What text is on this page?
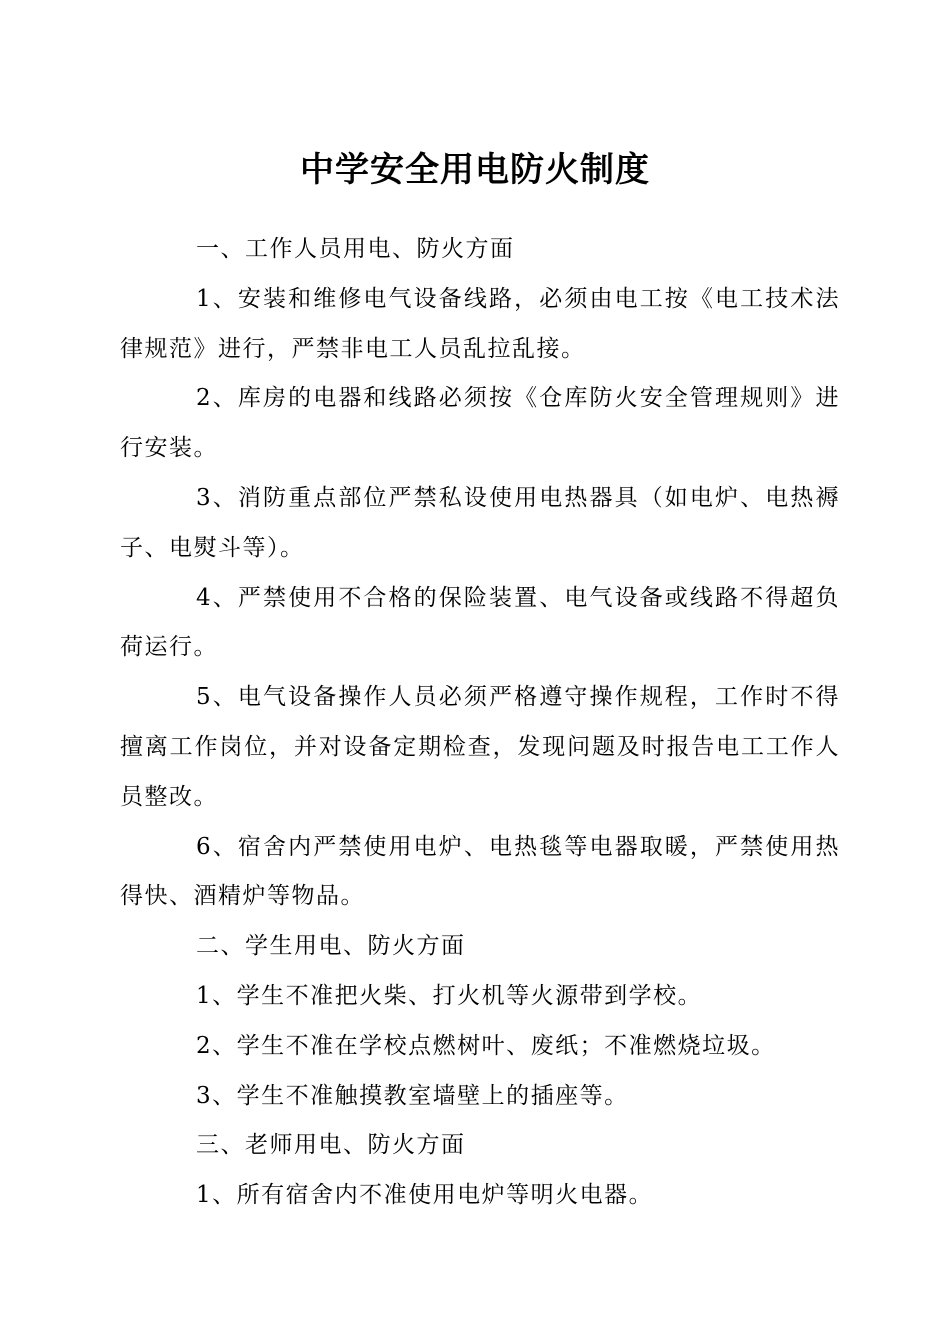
中学安全用电防火制度

一、工作人员用电、防火方面

1、安装和维修电气设备线路，必须由电工按《电工技术法律规范》进行，严禁非电工人员乱拉乱接。

2、库房的电器和线路必须按《仓库防火安全管理规则》进行安装。

3、消防重点部位严禁私设使用电热器具（如电炉、电热褥子、电熨斗等）。

4、严禁使用不合格的保险装置、电气设备或线路不得超负荷运行。

5、电气设备操作人员必须严格遵守操作规程，工作时不得擅离工作岗位，并对设备定期检查，发现问题及时报告电工工作人员整改。

6、宿舍内严禁使用电炉、电热毯等电器取暖，严禁使用热得快、酒精炉等物品。

二、学生用电、防火方面

1、学生不准把火柴、打火机等火源带到学校。

2、学生不准在学校点燃树叶、废纸；不准燃烧垃圾。

3、学生不准触摸教室墙壁上的插座等。

三、老师用电、防火方面

1、所有宿舍内不准使用电炉等明火电器。
